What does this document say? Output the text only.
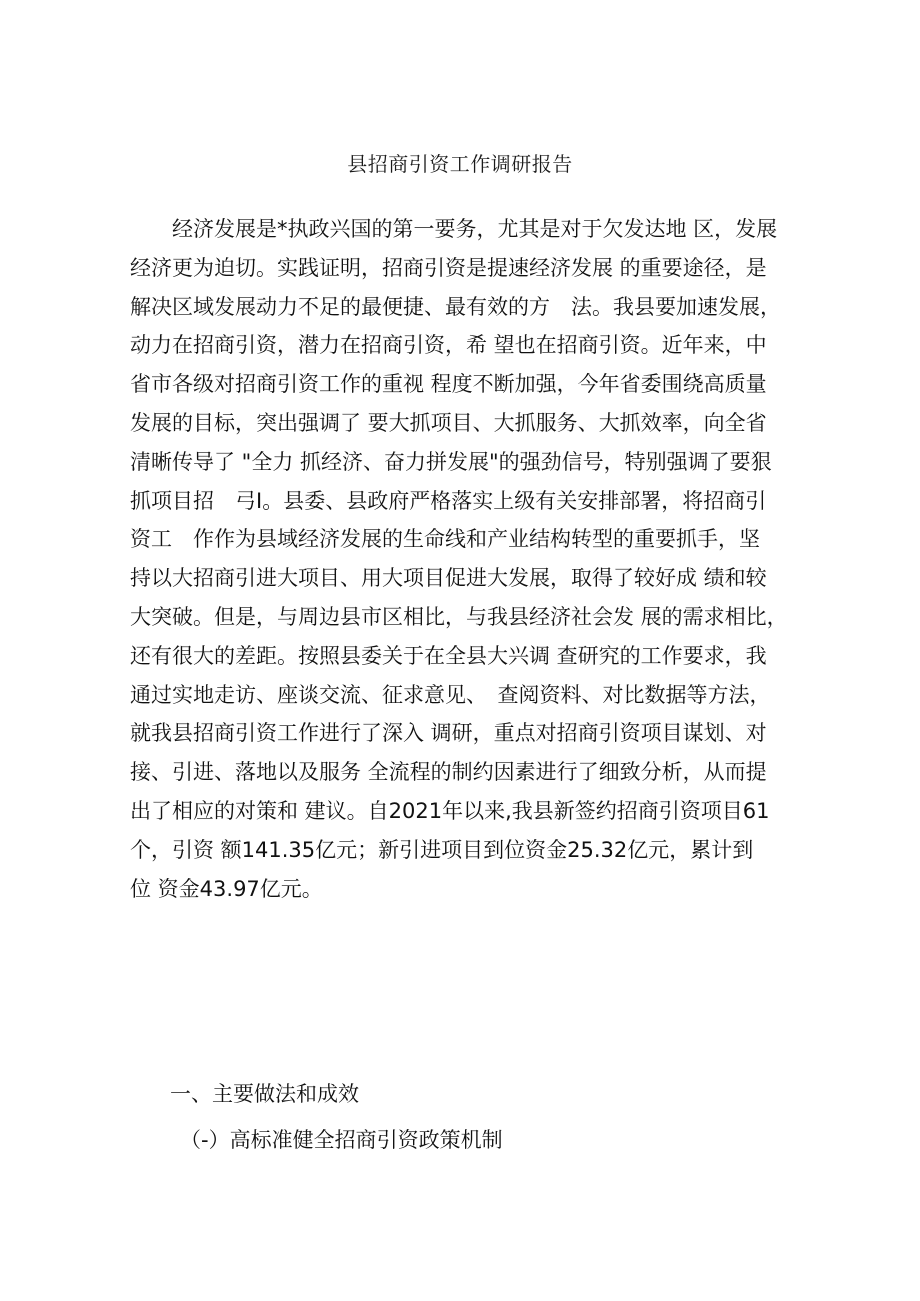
县招商引资工作调研报告
经济发展是*执政兴国的第一要务，尤其是对于欠发达地 区，发展
经济更为迫切。实践证明，招商引资是提速经济发展 的重要途径，是
解决区域发展动力不足的最便捷、最有效的方　法。我县要加速发展，
动力在招商引资，潜力在招商引资，希 望也在招商引资。近年来，中
省市各级对招商引资工作的重视 程度不断加强，今年省委围绕高质量
发展的目标，突出强调了 要大抓项目、大抓服务、大抓效率，向全省
清晰传导了 "全力 抓经济、奋力拼发展"的强劲信号，特别强调了要狠
抓项目招　弓I。县委、县政府严格落实上级有关安排部署，将招商引
资工　作作为县域经济发展的生命线和产业结构转型的重要抓手，坚
持以大招商引进大项目、用大项目促进大发展，取得了较好成 绩和较
大突破。但是，与周边县市区相比，与我县经济社会发 展的需求相比，
还有很大的差距。按照县委关于在全县大兴调 查研究的工作要求，我
通过实地走访、座谈交流、征求意见、　查阅资料、对比数据等方法，
就我县招商引资工作进行了深入 调研，重点对招商引资项目谋划、对
接、引进、落地以及服务 全流程的制约因素进行了细致分析，从而提
出了相应的对策和 建议。自2021年以来,我县新签约招商引资项目61
个，引资 额141.35亿元；新引进项目到位资金25.32亿元，累计到
位 资金43.97亿元。
一、主要做法和成效
（-）高标准健全招商引资政策机制
